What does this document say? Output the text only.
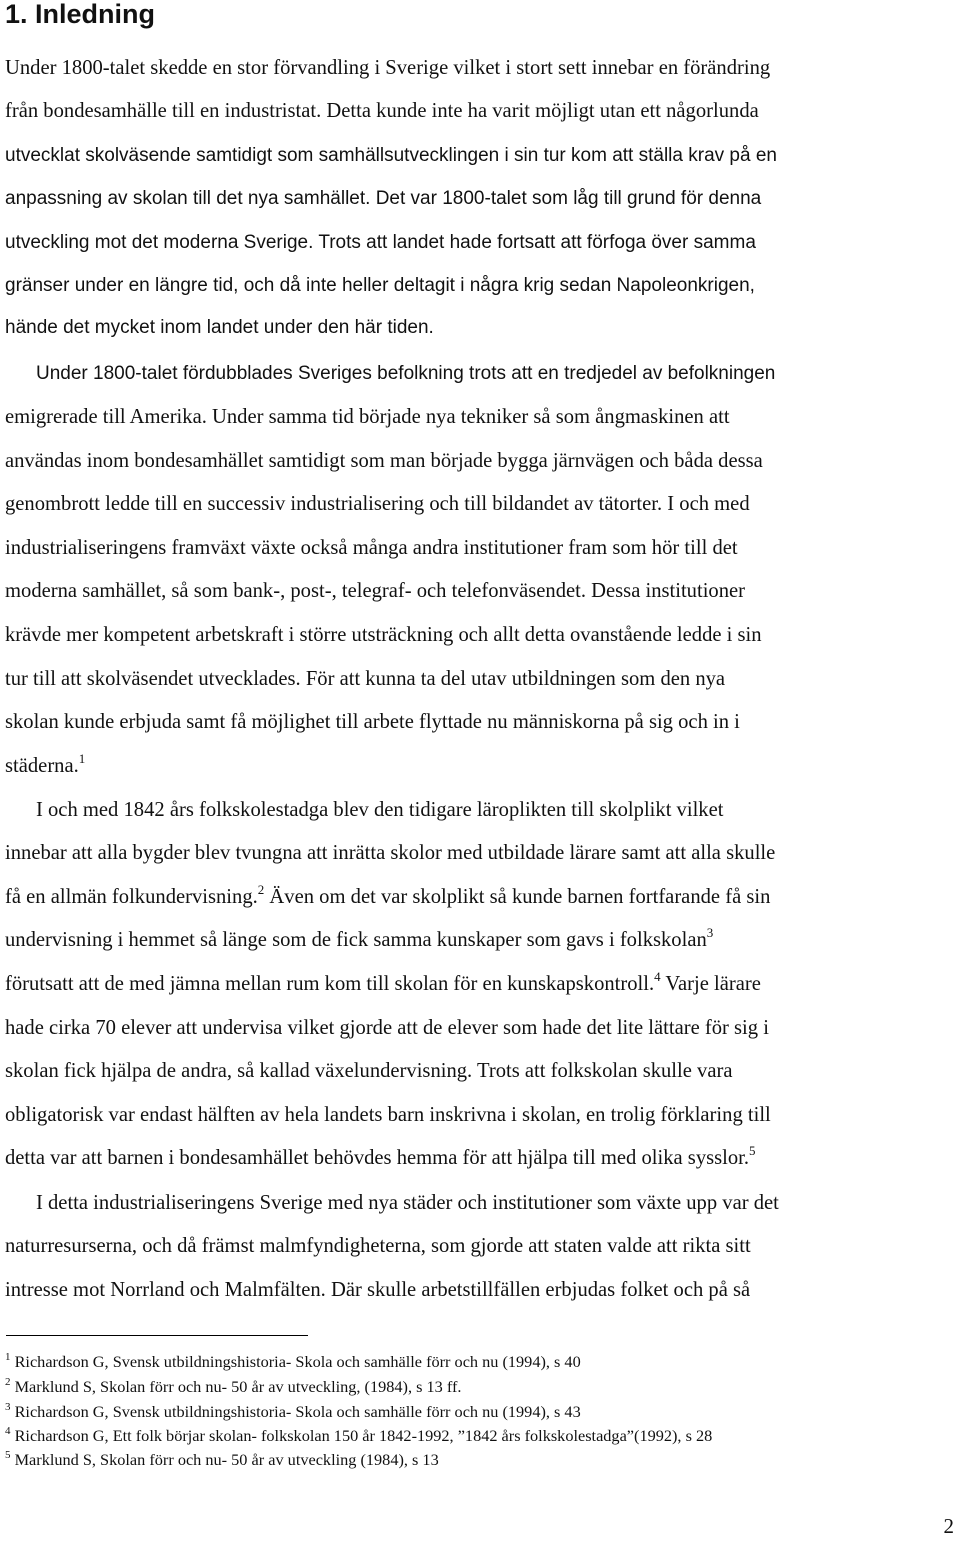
1. Inledning

Under 1800-talet skedde en stor förvandling i Sverige vilket i stort sett innebar en förändring

från bondesamhälle till en industristat. Detta kunde inte ha varit möjligt utan ett någorlunda

utvecklat skolväsende samtidigt som samhällsutvecklingen i sin tur kom att ställa krav på en

anpassning av skolan till det nya samhället. Det var 1800-talet som låg till grund för denna

utveckling mot det moderna Sverige. Trots att landet hade fortsatt att förfoga över samma

gränser under en längre tid, och då inte heller deltagit i några krig sedan Napoleonkrigen,

hände det mycket inom landet under den här tiden.

Under 1800-talet fördubblades Sveriges befolkning trots att en tredjedel av befolkningen

emigrerade till Amerika. Under samma tid började nya tekniker så som ångmaskinen att

användas inom bondesamhället samtidigt som man började bygga järnvägen och båda dessa

genombrott ledde till en successiv industrialisering och till bildandet av tätorter. I och med

industrialiseringens framväxt växte också många andra institutioner fram som hör till det

moderna samhället, så som bank-, post-, telegraf- och telefonväsendet. Dessa institutioner

krävde mer kompetent arbetskraft i större utsträckning och allt detta ovanstående ledde i sin

tur till att skolväsendet utvecklades. För att kunna ta del utav utbildningen som den nya

skolan kunde erbjuda samt få möjlighet till arbete flyttade nu människorna på sig och in i

städerna.$^1$

I och med 1842 års folkskolestadga blev den tidigare läroplikten till skolplikt vilket

innebar att alla bygder blev tvungna att inrätta skolor med utbildade lärare samt att alla skulle

få en allmän folkundervisning.$^2$ Även om det var skolplikt så kunde barnen fortfarande få sin

undervisning i hemmet så länge som de fick samma kunskaper som gavs i folkskolan$^3$

förutsatt att de med jämna mellan rum kom till skolan för en kunskapskontroll.$^4$ Varje lärare

hade cirka 70 elever att undervisa vilket gjorde att de elever som hade det lite lättare för sig i

skolan fick hjälpa de andra, så kallad växelundervisning. Trots att folkskolan skulle vara

obligatorisk var endast hälften av hela landets barn inskrivna i skolan, en trolig förklaring till

detta var att barnen i bondesamhället behövdes hemma för att hjälpa till med olika sysslor.$^5$

I detta industrialiseringens Sverige med nya städer och institutioner som växte upp var det

naturresurserna, och då främst malmfyndigheterna, som gjorde att staten valde att rikta sitt

intresse mot Norrland och Malmfälten. Där skulle arbetstillfällen erbjudas folket och på så

$^1$ Richardson G, Svensk utbildningshistoria- Skola och samhälle förr och nu (1994), s 40

$^2$ Marklund S, Skolan förr och nu- 50 år av utveckling, (1984), s 13 ff.

$^3$ Richardson G, Svensk utbildningshistoria- Skola och samhälle förr och nu (1994), s 43

$^4$ Richardson G, Ett folk börjar skolan- folkskolan 150 år 1842-1992, ”1842 års folkskolestadga”(1992), s 28

$^5$ Marklund S, Skolan förr och nu- 50 år av utveckling (1984), s 13

2
